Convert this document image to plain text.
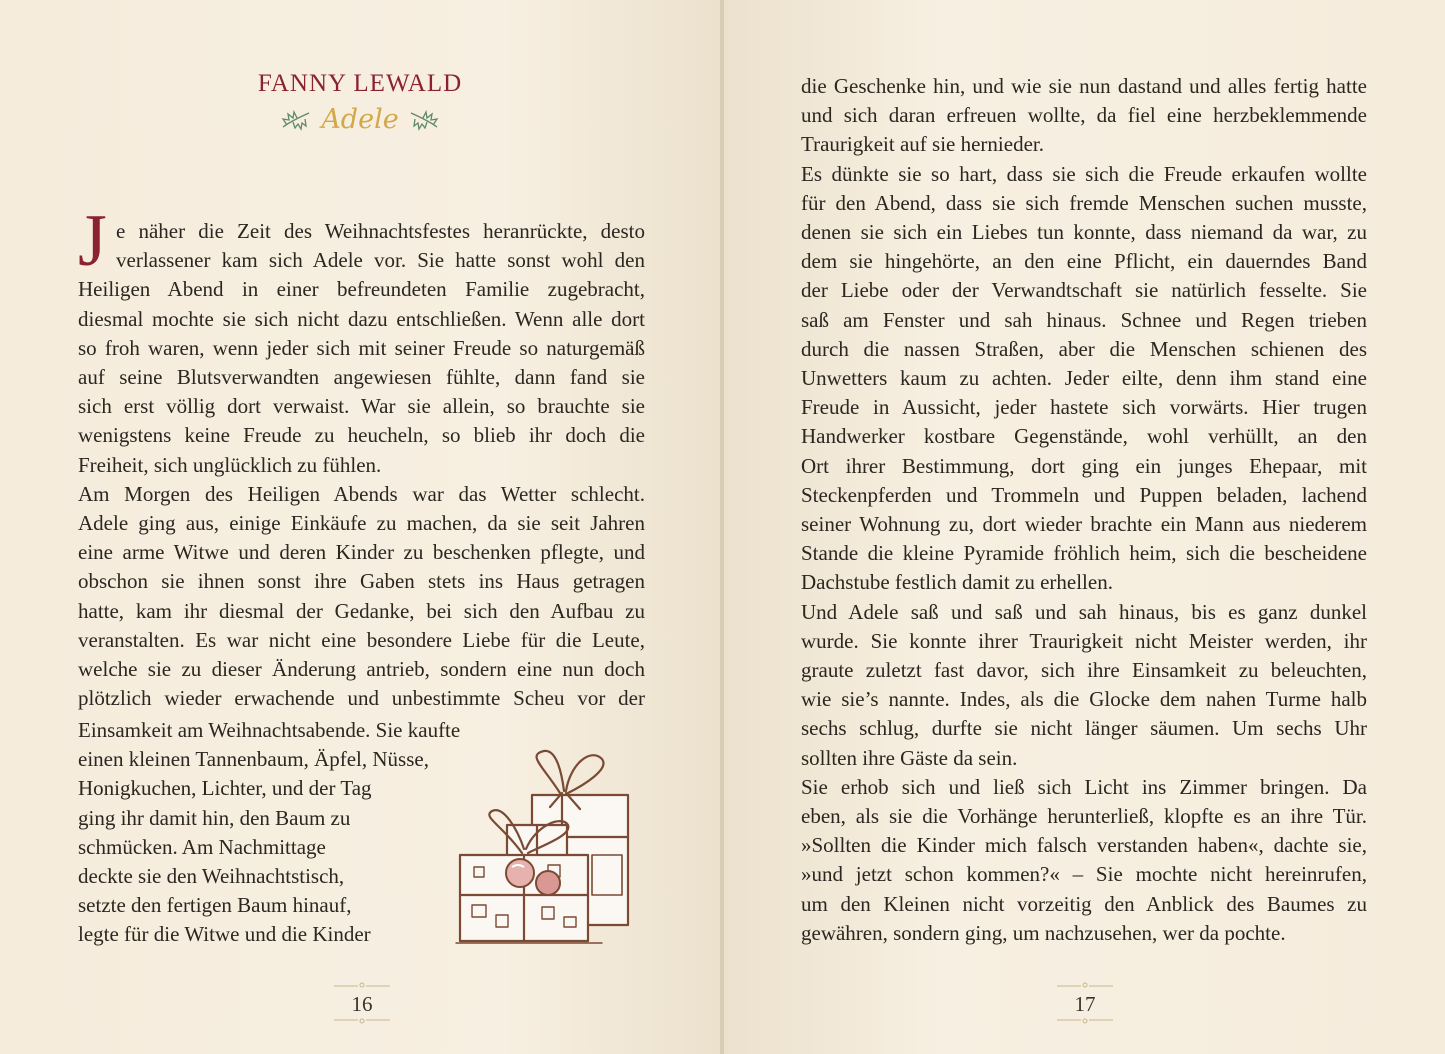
FANNY LEWALD
Adele
J e näher die Zeit des Weihnachtsfestes heranrückte, desto
verlassener kam sich Adele vor. Sie hatte sonst wohl den
Heiligen Abend in einer befreundeten Familie zugebracht,
diesmal mochte sie sich nicht dazu entschließen. Wenn alle dort
so froh waren, wenn jeder sich mit seiner Freude so naturgemäß
auf seine Blutsverwandten angewiesen fühlte, dann fand sie
sich erst völlig dort verwaist. War sie allein, so brauchte sie
wenigstens keine Freude zu heucheln, so blieb ihr doch die
Freiheit, sich unglücklich zu fühlen.
Am Morgen des Heiligen Abends war das Wetter schlecht.
Adele ging aus, einige Einkäufe zu machen, da sie seit Jahren
eine arme Witwe und deren Kinder zu beschenken pflegte, und
obschon sie ihnen sonst ihre Gaben stets ins Haus getragen
hatte, kam ihr diesmal der Gedanke, bei sich den Aufbau zu
veranstalten. Es war nicht eine besondere Liebe für die Leute,
welche sie zu dieser Änderung antrieb, sondern eine nun doch
plötzlich wieder erwachende und unbestimmte Scheu vor der
Einsamkeit am Weihnachtsabende. Sie kaufte
einen kleinen Tannenbaum, Äpfel, Nüsse,
Honigkuchen, Lichter, und der Tag
ging ihr damit hin, den Baum zu
schmücken. Am Nachmittage
deckte sie den Weihnachtstisch,
setzte den fertigen Baum hinauf,
legte für die Witwe und die Kinder
die Geschenke hin, und wie sie nun dastand und alles fertig hatte
und sich daran erfreuen wollte, da fiel eine herzbeklemmende
Traurigkeit auf sie hernieder.
Es dünkte sie so hart, dass sie sich die Freude erkaufen wollte
für den Abend, dass sie sich fremde Menschen suchen musste,
denen sie sich ein Liebes tun konnte, dass niemand da war, zu
dem sie hingehörte, an den eine Pflicht, ein dauerndes Band
der Liebe oder der Verwandtschaft sie natürlich fesselte. Sie
saß am Fenster und sah hinaus. Schnee und Regen trieben
durch die nassen Straßen, aber die Menschen schienen des
Unwetters kaum zu achten. Jeder eilte, denn ihm stand eine
Freude in Aussicht, jeder hastete sich vorwärts. Hier trugen
Handwerker kostbare Gegenstände, wohl verhüllt, an den
Ort ihrer Bestimmung, dort ging ein junges Ehepaar, mit
Steckenpferden und Trommeln und Puppen beladen, lachend
seiner Wohnung zu, dort wieder brachte ein Mann aus niederem
Stande die kleine Pyramide fröhlich heim, sich die bescheidene
Dachstube festlich damit zu erhellen.
Und Adele saß und saß und sah hinaus, bis es ganz dunkel
wurde. Sie konnte ihrer Traurigkeit nicht Meister werden, ihr
graute zuletzt fast davor, sich ihre Einsamkeit zu beleuchten,
wie sie’s nannte. Indes, als die Glocke dem nahen Turme halb
sechs schlug, durfte sie nicht länger säumen. Um sechs Uhr
sollten ihre Gäste da sein.
Sie erhob sich und ließ sich Licht ins Zimmer bringen. Da
eben, als sie die Vorhänge herunterließ, klopfte es an ihre Tür.
»Sollten die Kinder mich falsch verstanden haben«, dachte sie,
»und jetzt schon kommen?« – Sie mochte nicht hereinrufen,
um den Kleinen nicht vorzeitig den Anblick des Baumes zu
gewähren, sondern ging, um nachzusehen, wer da pochte.
16	17
